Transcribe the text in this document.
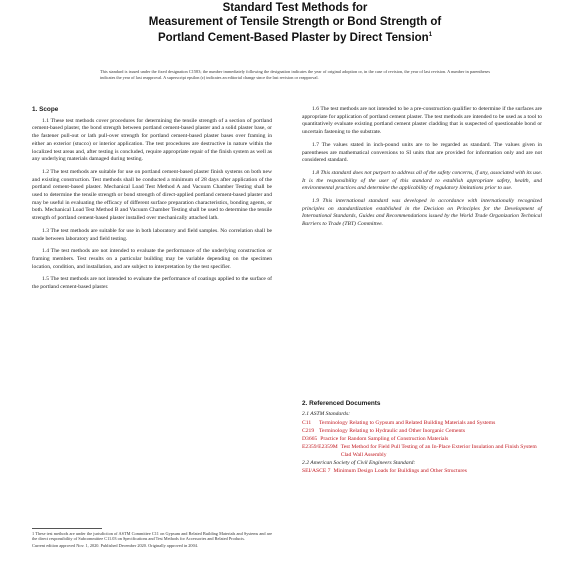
Standard Test Methods for
Measurement of Tensile Strength or Bond Strength of
Portland Cement-Based Plaster by Direct Tension$^1$
This standard is issued under the fixed designation C1583; the number immediately following the designation indicates the year of original adoption or, in the case of revision, the year of last revision. A number in parentheses indicates the year of last reapproval. A superscript epsilon (ε) indicates an editorial change since the last revision or reapproval.
1. Scope

1.1 These test methods cover procedures for determining the tensile strength of a section of portland cement-based plaster, the bond strength between portland cement-based plaster and a solid plaster base, or the fastener pull-out or lath pull-over strength for portland cement-based plaster bases over framing in either an exterior (stucco) or interior application. The test procedures are destructive in nature within the localized test areas and, after testing is concluded, require appropriate repair of the finish system as well as any underlying materials damaged during testing.

1.2 The test methods are suitable for use on portland cement-based plaster finish systems on both new and existing construction. Test methods shall be conducted a minimum of 28 days after application of the portland cement-based plaster. Mechanical Load Test Method A and Vacuum Chamber Testing shall be used to determine the tensile strength or bond strength of direct-applied portland cement-based plaster and may be useful in evaluating the efficacy of different surface preparation characteristics, bonding agents, or both. Mechanical Load Test Method B and Vacuum Chamber Testing shall be used to determine the tensile strength of portland cement-based plaster installed over mechanically attached lath.

1.3 The test methods are suitable for use in both laboratory and field samples. No correlation shall be made between laboratory and field testing.

1.4 The test methods are not intended to evaluate the performance of the underlying construction or framing members. Test results on a particular building may be variable depending on the specimen location, condition, and installation, and are subject to interpretation by the test specifier.

1.5 The test methods are not intended to evaluate the performance of coatings applied to the surface of the portland cement-based plaster.

1.6 The test methods are not intended to be a pre-construction qualifier to determine if the surfaces are appropriate for application of portland cement plaster. The test methods are intended to be used as a tool to quantitatively evaluate existing portland cement plaster cladding that is suspected of questionable bond or uncertain fastening to the substrate.

1.7 The values stated in inch-pound units are to be regarded as standard. The values given in parentheses are mathematical conversions to SI units that are provided for information only and are not considered standard.

1.8 This standard does not purport to address all of the safety concerns, if any, associated with its use. It is the responsibility of the user of this standard to establish appropriate safety, health, and environmental practices and determine the applicability of regulatory limitations prior to use.

1.9 This international standard was developed in accordance with internationally recognized principles on standardization established in the Decision on Principles for the Development of International Standards, Guides and Recommendations issued by the World Trade Organization Technical Barriers to Trade (TBT) Committee.

2. Referenced Documents
2.1 ASTM Standards:
C11	Terminology Relating to Gypsum and Related Building Materials and Systems
C219 Terminology Relating to Hydraulic and Other Inorganic Cements
D3665 Practice for Random Sampling of Construction Materials
E2359/E2359M Test Method for Field Pull Testing of an In-Place Exterior Insulation and Finish System Clad Wall Assembly
2.2 American Society of Civil Engineers Standard:
SEI/ASCE 7 Minimum Design Loads for Buildings and Other Structures

1 These test methods are under the jurisdiction of ASTM Committee C11 on Gypsum and Related Building Materials and Systems and are the direct responsibility of Subcommittee C11.03 on Specifications and Test Methods for Accessories and Related Products.

Current edition approved Nov. 1, 2020. Published December 2020. Originally approved in 2004.
